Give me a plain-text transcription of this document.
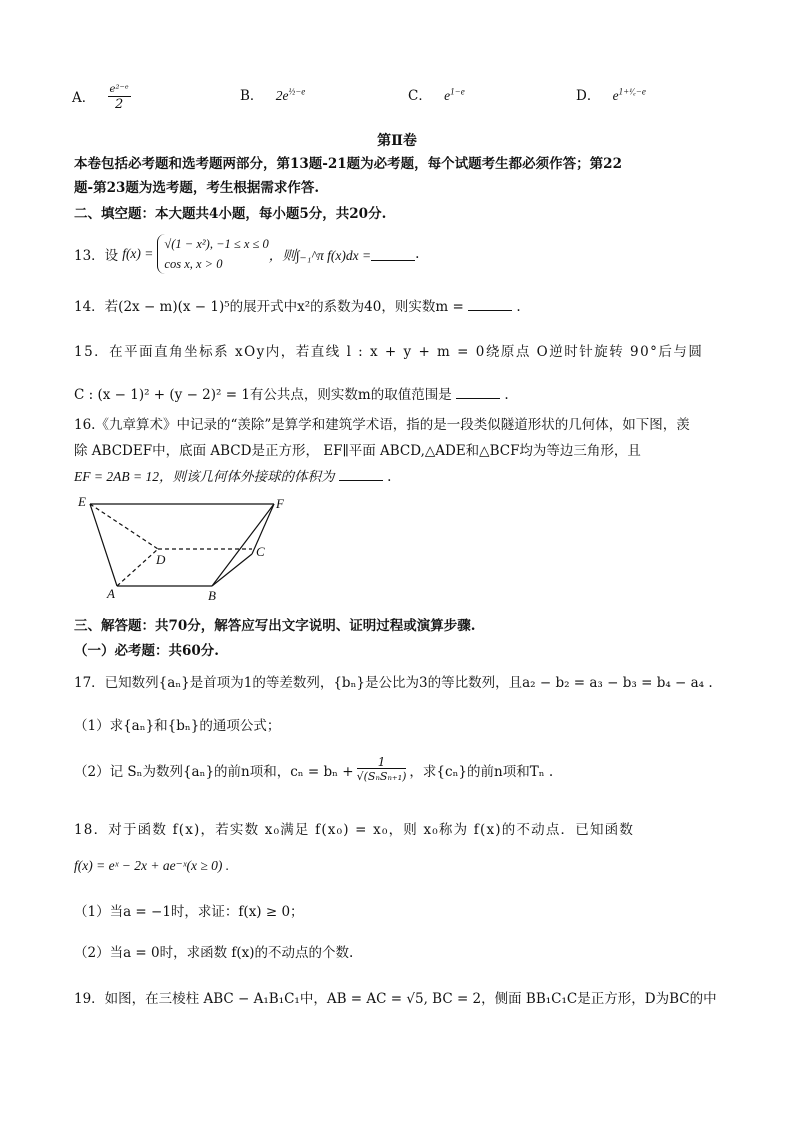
A． $\frac{\text{e²⁻ᵉ}}{2}$	B． $2e^{\frac{1}{2}-e}$	C． $e^{1-e}$	D． $e^{1+^1⁄_e-e}$
第Ⅱ卷
本卷包括必考题和选考题两部分，第13题-21题为必考题，每个试题考生都必须作答；第22
题-第23题为选考题，考生根据需求作答.
二、填空题：本大题共4小题，每小题5分，共20分.
13．设 f(x) =
√(1 − x²), −1 ≤ x ≤ 0
cos x, x > 0
，则∫₋₁^π f(x)dx =	.
14．若(2x − m)(x − 1)⁵的展开式中x²的系数为40，则实数m =	.
15．在平面直角坐标系 xOy内，若直线 l : x + y + m = 0绕原点 O逆时针旋转 90°后与圆
C : (x − 1)² + (y − 2)² = 1有公共点，则实数m的取值范围是	.
16.《九章算术》中记录的“羡除”是算学和建筑学术语，指的是一段类似隧道形状的几何体，如下图，羡
除 ABCDEF中，底面 ABCD是正方形， EF∥平面 ABCD,△ADE和△BCF均为等边三角形，且
EF = 2AB = 12，则该几何体外接球的体积为	.
E	F
D
C
A	B
三、解答题：共70分，解答应写出文字说明、证明过程或演算步骤.
（一）必考题：共60分.
17．已知数列{aₙ}是首项为1的等差数列，{bₙ}是公比为3的等比数列，且a₂ − b₂ = a₃ − b₃ = b₄ − a₄ .
（1）求{aₙ}和{bₙ}的通项公式；
（2）记 Sₙ为数列{aₙ}的前n项和，$c_n = b_n + \frac{1}{\text{√(SₙSₙ₊₁)}}$ ，求{cₙ}的前n项和Tₙ .
18．对于函数 f(x)，若实数 x₀满足 f(x₀) = x₀，则 x₀称为 f(x)的不动点．已知函数
f(x) = eˣ − 2x + ae⁻ˣ(x ≥ 0) .
（1）当a = −1时，求证：f(x) ≥ 0；
（2）当a = 0时，求函数 f(x)的不动点的个数.
19．如图，在三棱柱 ABC − A₁B₁C₁中，AB = AC = √5, BC = 2，侧面 BB₁C₁C是正方形，D为BC的中
